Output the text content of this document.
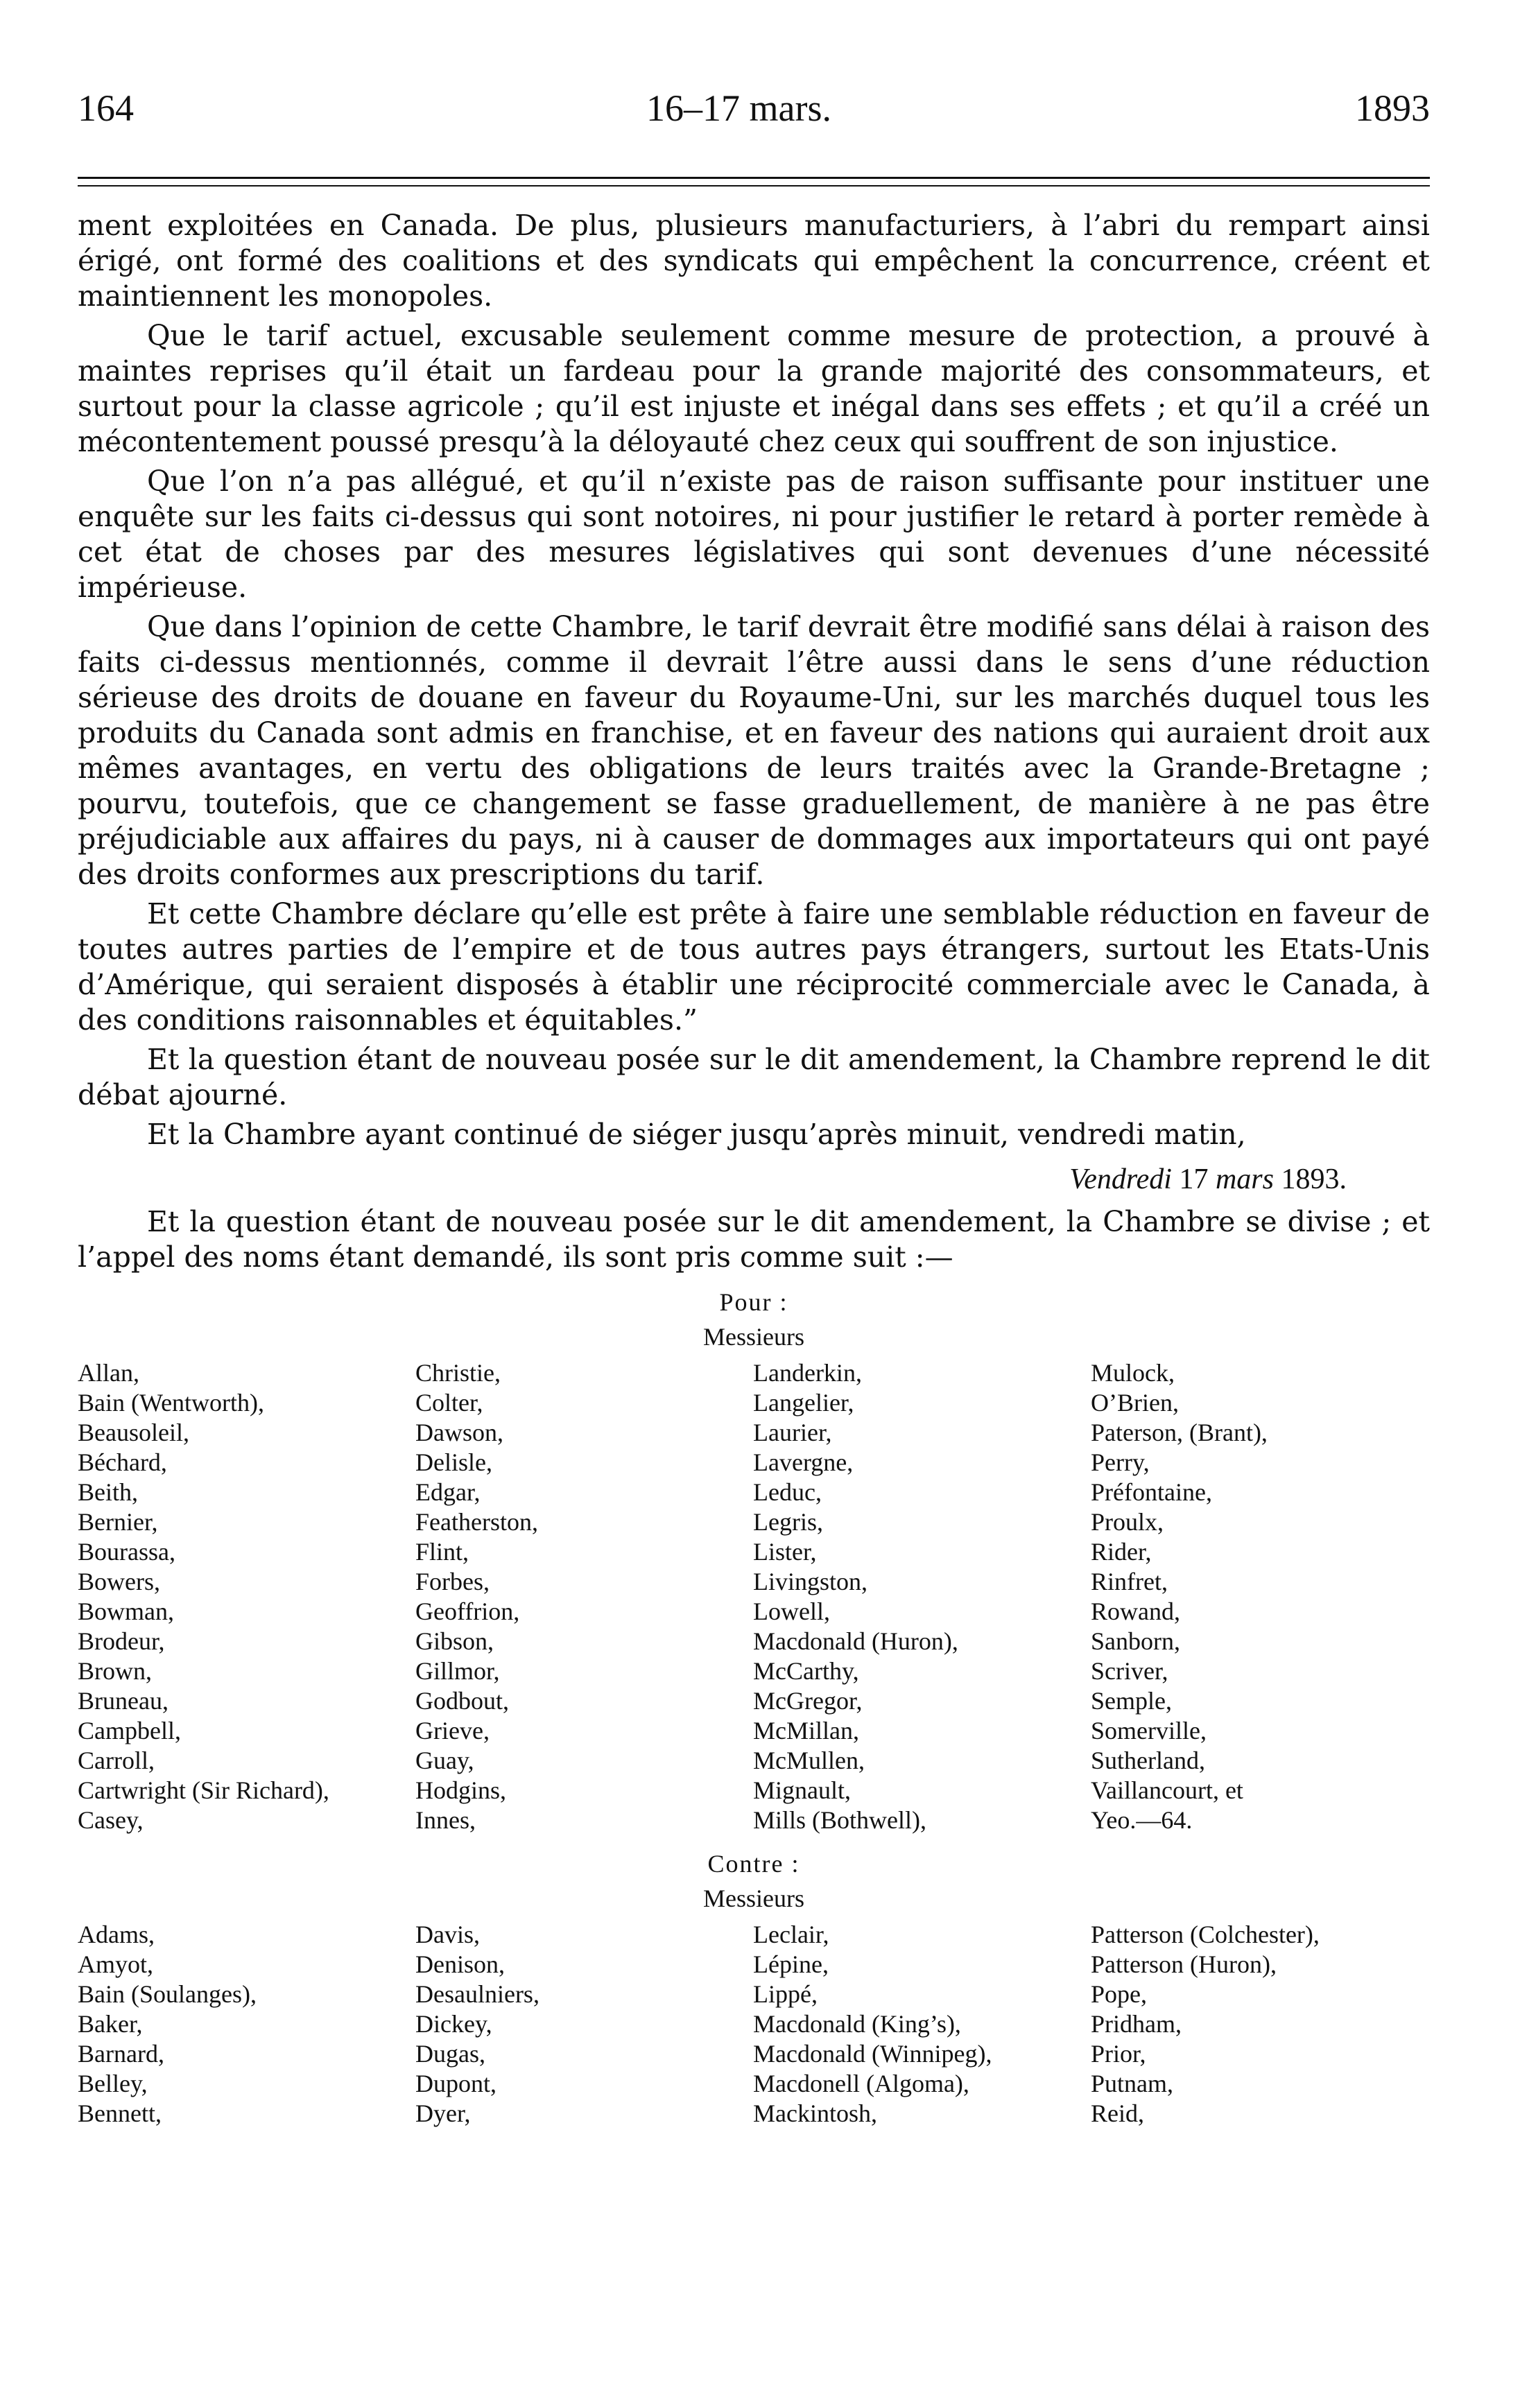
164	16–17 mars.	1893

ment exploitées en Canada. De plus, plusieurs manufacturiers, à l’abri du rempart ainsi érigé, ont formé des coalitions et des syndicats qui empêchent la concurrence, créent et maintiennent les monopoles.

Que le tarif actuel, excusable seulement comme mesure de protection, a prouvé à maintes reprises qu’il était un fardeau pour la grande majorité des consommateurs, et surtout pour la classe agricole ; qu’il est injuste et inégal dans ses effets ; et qu’il a créé un mécontentement poussé presqu’à la déloyauté chez ceux qui souffrent de son injustice.

Que l’on n’a pas allégué, et qu’il n’existe pas de raison suffisante pour instituer une enquête sur les faits ci-dessus qui sont notoires, ni pour justifier le retard à porter remède à cet état de choses par des mesures législatives qui sont devenues d’une nécessité impérieuse.

Que dans l’opinion de cette Chambre, le tarif devrait être modifié sans délai à raison des faits ci-dessus mentionnés, comme il devrait l’être aussi dans le sens d’une réduction sérieuse des droits de douane en faveur du Royaume-Uni, sur les marchés duquel tous les produits du Canada sont admis en franchise, et en faveur des nations qui auraient droit aux mêmes avantages, en vertu des obligations de leurs traités avec la Grande-Bretagne ; pourvu, toutefois, que ce changement se fasse graduellement, de manière à ne pas être préjudiciable aux affaires du pays, ni à causer de dommages aux importateurs qui ont payé des droits conformes aux prescriptions du tarif.

Et cette Chambre déclare qu’elle est prête à faire une semblable réduction en faveur de toutes autres parties de l’empire et de tous autres pays étrangers, surtout les Etats-Unis d’Amérique, qui seraient disposés à établir une réciprocité commerciale avec le Canada, à des conditions raisonnables et équitables.”

Et la question étant de nouveau posée sur le dit amendement, la Chambre reprend le dit débat ajourné.

Et la Chambre ayant continué de siéger jusqu’après minuit, vendredi matin,

Vendredi 17 mars 1893.

Et la question étant de nouveau posée sur le dit amendement, la Chambre se divise ; et l’appel des noms étant demandé, ils sont pris comme suit :—

Pour :
Messieurs
Allan,
Bain (Wentworth),
Beausoleil,
Béchard,
Beith,
Bernier,
Bourassa,
Bowers,
Bowman,
Brodeur,
Brown,
Bruneau,
Campbell,
Carroll,
Cartwright (Sir Richard),
Casey,
Christie,
Colter,
Dawson,
Delisle,
Edgar,
Featherston,
Flint,
Forbes,
Geoffrion,
Gibson,
Gillmor,
Godbout,
Grieve,
Guay,
Hodgins,
Innes,
Landerkin,
Langelier,
Laurier,
Lavergne,
Leduc,
Legris,
Lister,
Livingston,
Lowell,
Macdonald (Huron),
McCarthy,
McGregor,
McMillan,
McMullen,
Mignault,
Mills (Bothwell),
Mulock,
O’Brien,
Paterson, (Brant),
Perry,
Préfontaine,
Proulx,
Rider,
Rinfret,
Rowand,
Sanborn,
Scriver,
Semple,
Somerville,
Sutherland,
Vaillancourt, et
Yeo.—64.
Contre :
Messieurs
Adams,
Amyot,
Bain (Soulanges),
Baker,
Barnard,
Belley,
Bennett,
Davis,
Denison,
Desaulniers,
Dickey,
Dugas,
Dupont,
Dyer,
Leclair,
Lépine,
Lippé,
Macdonald (King’s),
Macdonald (Winnipeg),
Macdonell (Algoma),
Mackintosh,
Patterson (Colchester),
Patterson (Huron),
Pope,
Pridham,
Prior,
Putnam,
Reid,
